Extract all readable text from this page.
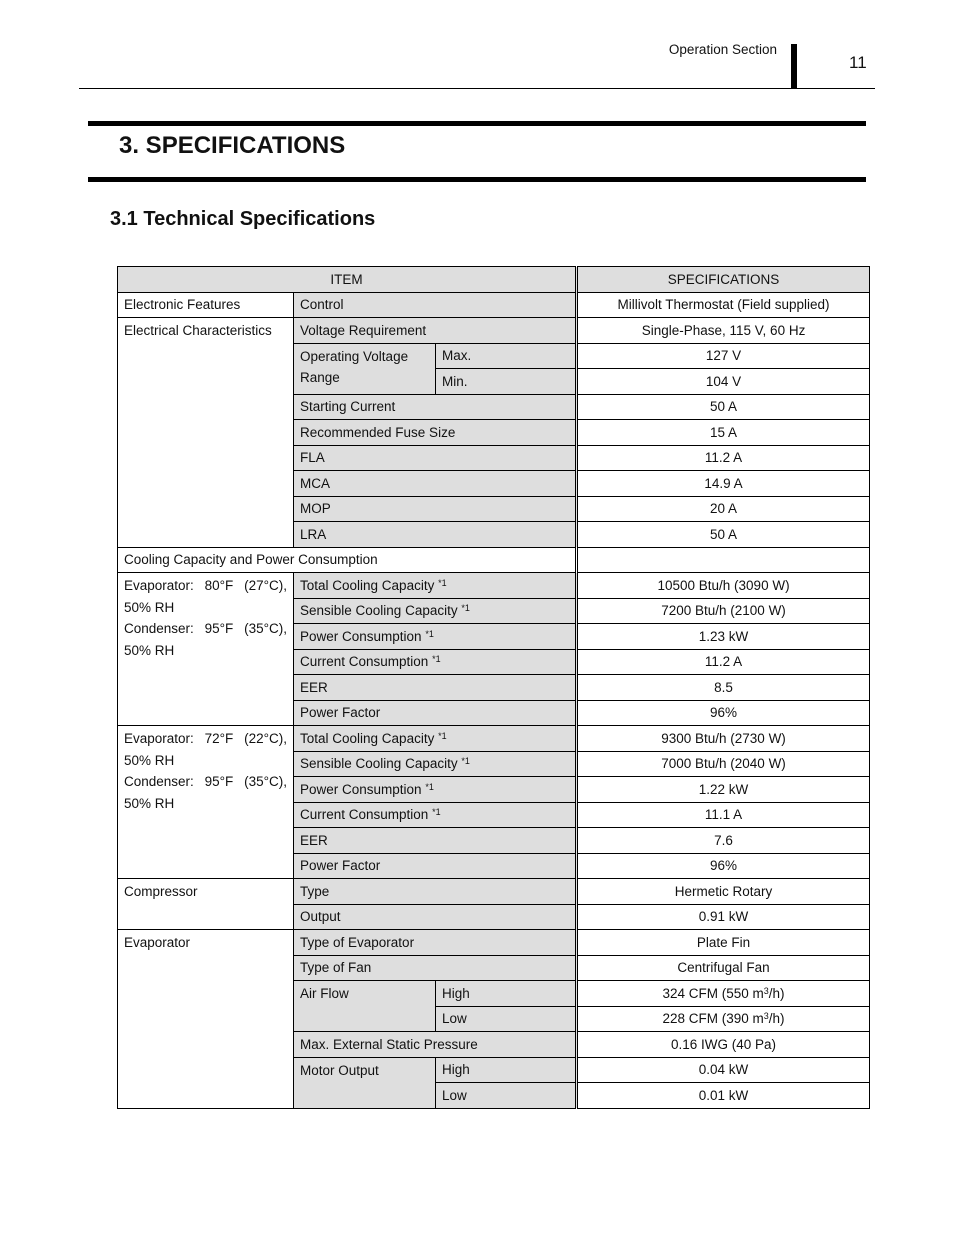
Operation Section
11
3. SPECIFICATIONS
3.1 Technical Specifications
ITEM			SPECIFICATIONS
Electronic Features	Control		Millivolt Thermostat (Field supplied)
Electrical Characteristics	Voltage Requirement		Single-Phase, 115 V, 60 Hz
	Operating Voltage Range	Max.	127 V
		Min.	104 V
	Starting Current		50 A
	Recommended Fuse Size		15 A
	FLA		11.2 A
	MCA		14.9 A
	MOP		20 A
	LRA		50 A
Cooling Capacity and Power Consumption			

Evaporator: 80°F (27°C), 50% RH
Condenser: 95°F (35°C), 50% RH	Total Cooling Capacity $^{*1}$		10500 Btu/h (3090 W)
	Sensible Cooling Capacity $^{*1}$		7200 Btu/h (2100 W)
	Power Consumption $^{*1}$		1.23 kW
	Current Consumption $^{*1}$		11.2 A
	EER		8.5
	Power Factor		96%

Evaporator: 72°F (22°C), 50% RH
Condenser: 95°F (35°C), 50% RH	Total Cooling Capacity $^{*1}$		9300 Btu/h (2730 W)
	Sensible Cooling Capacity $^{*1}$		7000 Btu/h (2040 W)
	Power Consumption $^{*1}$		1.22 kW
	Current Consumption $^{*1}$		11.1 A
	EER		7.6
	Power Factor		96%
Compressor	Type		Hermetic Rotary
	Output		0.91 kW
Evaporator	Type of Evaporator		Plate Fin
	Type of Fan		Centrifugal Fan
	Air Flow	High	324 CFM (550 $m^3/h$)
		Low	228 CFM (390 $m^3/h$)
	Max. External Static Pressure		0.16 IWG (40 Pa)
	Motor Output	High	0.04 kW
		Low	0.01 kW
